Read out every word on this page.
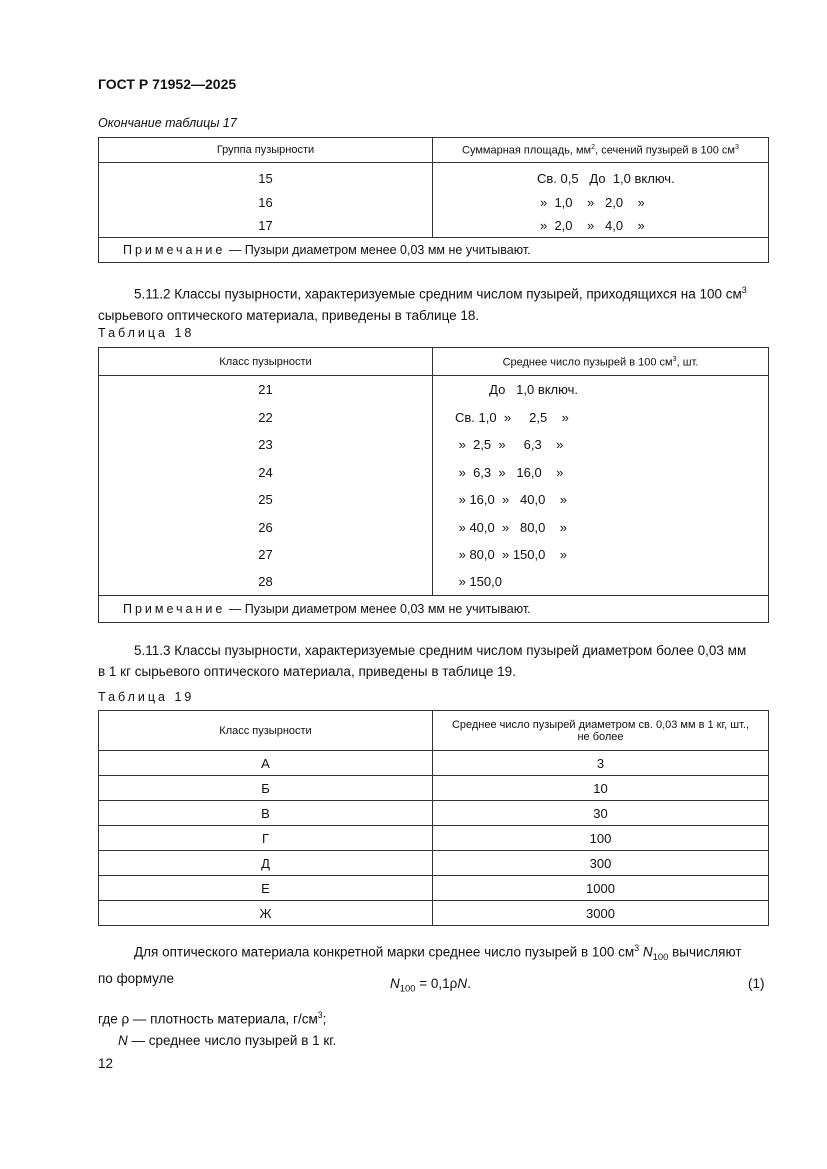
ГОСТ Р 71952—2025
Окончание таблицы 17
Группа пузырности	Суммарная площадь, $мм^2$, сечений пузырей в 100 $см^3$
15	Св. 0,5   До  1,0 включ.
16	»  1,0    »   2,0    »
17	»  2,0    »   4,0    »
Примечание — Пузыри диаметром менее 0,03 мм не учитывают.	

5.11.2 Классы пузырности, характеризуемые средним числом пузырей, приходящихся на 100 $см^3$

сырьевого оптического материала, приведены в таблице 18.

Таблица 18
Класс пузырности	Среднее число пузырей в 100 $см^3$, шт.
21	До   1,0 включ.
22	Св. 1,0  »     2,5    »
23	»  2,5  »     6,3    »
24	»  6,3  »   16,0    »
25	» 16,0  »   40,0    »
26	» 40,0  »   80,0    »
27	» 80,0  » 150,0    »
28	» 150,0
Примечание — Пузыри диаметром менее 0,03 мм не учитывают.	

5.11.3 Классы пузырности, характеризуемые средним числом пузырей диаметром более 0,03 мм

в 1 кг сырьевого оптического материала, приведены в таблице 19.

Таблица 19
Класс пузырности	Среднее число пузырей диаметром св. 0,03 мм в 1 кг, шт.,
не более

А	3
Б	10
В	30
Г	100
Д	300
Е	1000
Ж	3000

Для оптического материала конкретной марки среднее число пузырей в 100 $см^3$ $N_{100}$ вычисляют

по формуле	$N_{100} = 0,1\rho N$.	(1)

где ρ — плотность материала, $г/см^3$;

N — среднее число пузырей в 1 кг.

12
